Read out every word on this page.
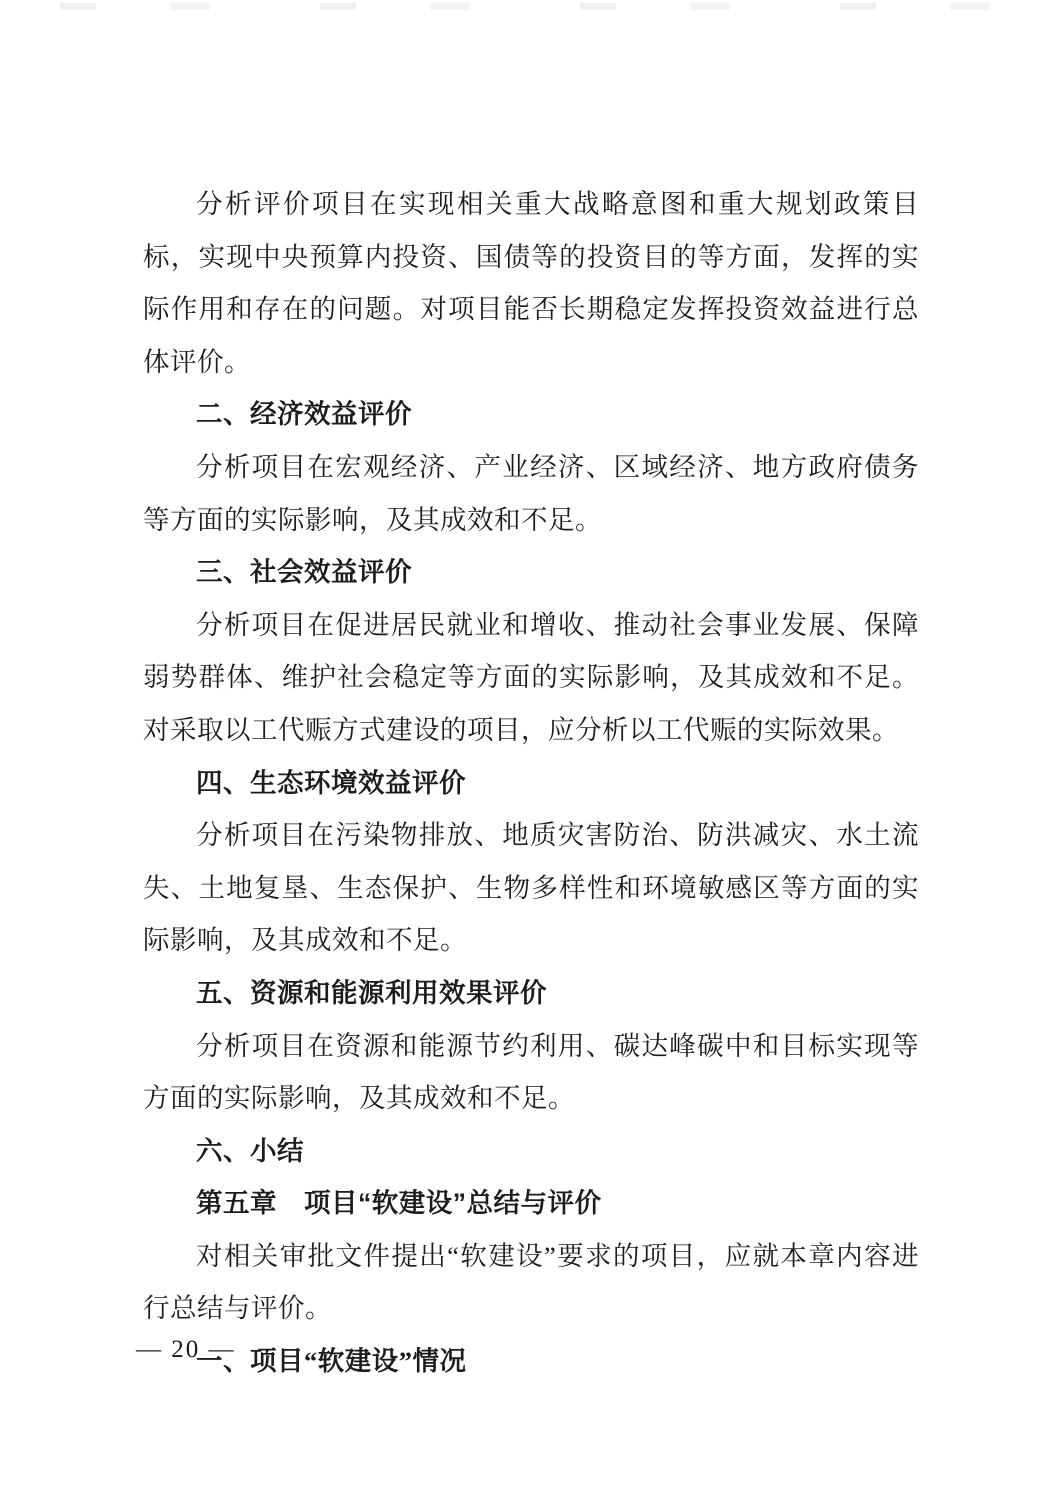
分析评价项目在实现相关重大战略意图和重大规划政策目标，实现中央预算内投资、国债等的投资目的等方面，发挥的实际作用和存在的问题。对项目能否长期稳定发挥投资效益进行总体评价。

二、经济效益评价

分析项目在宏观经济、产业经济、区域经济、地方政府债务等方面的实际影响，及其成效和不足。

三、社会效益评价

分析项目在促进居民就业和增收、推动社会事业发展、保障弱势群体、维护社会稳定等方面的实际影响，及其成效和不足。对采取以工代赈方式建设的项目，应分析以工代赈的实际效果。

四、生态环境效益评价

分析项目在污染物排放、地质灾害防治、防洪减灾、水土流失、土地复垦、生态保护、生物多样性和环境敏感区等方面的实际影响，及其成效和不足。

五、资源和能源利用效果评价

分析项目在资源和能源节约利用、碳达峰碳中和目标实现等方面的实际影响，及其成效和不足。

六、小结

第五章　项目“软建设”总结与评价

对相关审批文件提出“软建设”要求的项目，应就本章内容进行总结与评价。

一、项目“软建设”情况

— 20 —
